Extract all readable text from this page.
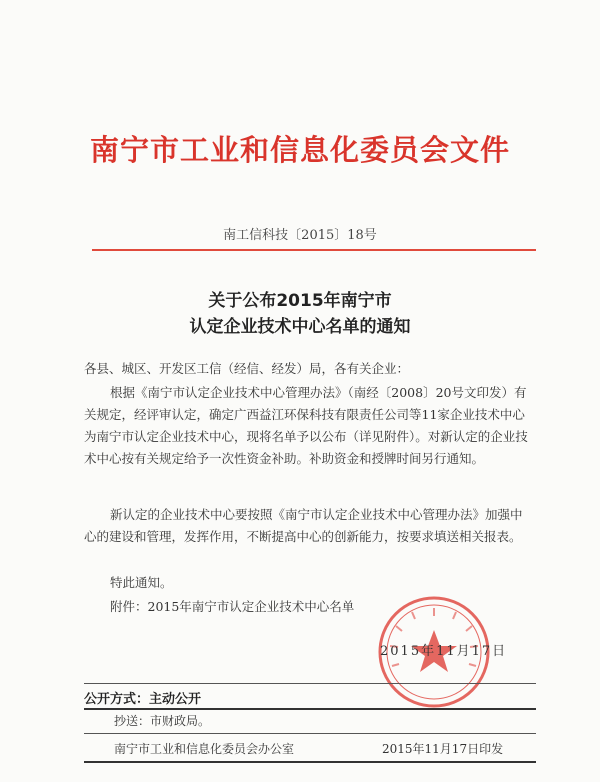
南宁市工业和信息化委员会文件
南工信科技〔2015〕18号
关于公布2015年南宁市
认定企业技术中心名单的通知
各县、城区、开发区工信（经信、经发）局，各有关企业：

根据《南宁市认定企业技术中心管理办法》（南经〔2008〕20号文印发）有关规定，经评审认定，确定广西益江环保科技有限责任公司等11家企业技术中心为南宁市认定企业技术中心，现将名单予以公布（详见附件）。对新认定的企业技术中心按有关规定给予一次性资金补助。补助资金和授牌时间另行通知。

新认定的企业技术中心要按照《南宁市认定企业技术中心管理办法》加强中心的建设和管理，发挥作用，不断提高中心的创新能力，按要求填送相关报表。

特此通知。

附件：2015年南宁市认定企业技术中心名单

2015年11月17日
公开方式：主动公开
抄送：市财政局。
南宁市工业和信息化委员会办公室	2015年11月17日印发
